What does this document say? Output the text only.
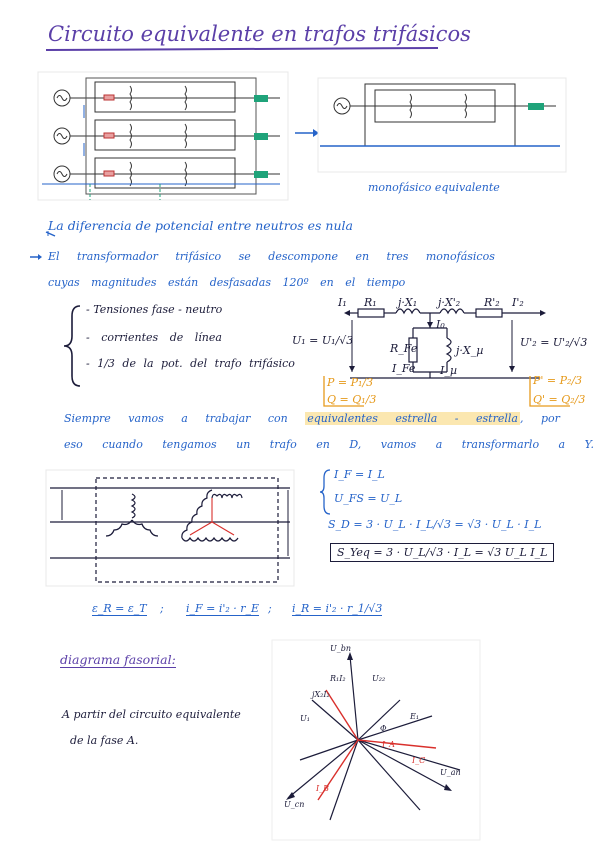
Circuito equivalente en trafos trifásicos
monofásico equivalente
La diferencia de potencial entre neutros es nula
El transformador trifásico se descompone en tres monofásicos
cuyas magnitudes están desfasadas 120º en el tiempo
- Tensiones fase - neutro
- corrientes de línea
- 1/3 de la pot. del trafo trifásico
I₁ R₁ j·X₁ j·X'₂ R'₂ I'₂
I₀
R_Fe	j·X_µ
I_Fe I_µ
U₁ = U₁/√3	U'₂ = U'₂/√3
P = P₁/3
Q = Q₁/3
P' = P₂/3
Q' = Q₂/3
Siempre vamos a trabajar con equivalentes estrella - estrella , por
eso cuando tengamos un trafo en D, vamos a transformarlo a Y.
I_F = I_L
U_FS = U_L
S_D = 3 · U_L · I_L/√3 = √3 · U_L · I_L
S_Yeq = 3 · U_L/√3 · I_L = √3 U_L I_L
ε_R = ε_T ; i_F = i'₂ · r_E ; i_R = i'₂ · r_1/√3
diagrama fasorial:
A partir del circuito equivalente
de la fase A.
U_bn
U₂₂
R₁I₂
jX₂I₂
E₁
U₁
I_A
I_B
I_C
U_an
U_cn
Φ
